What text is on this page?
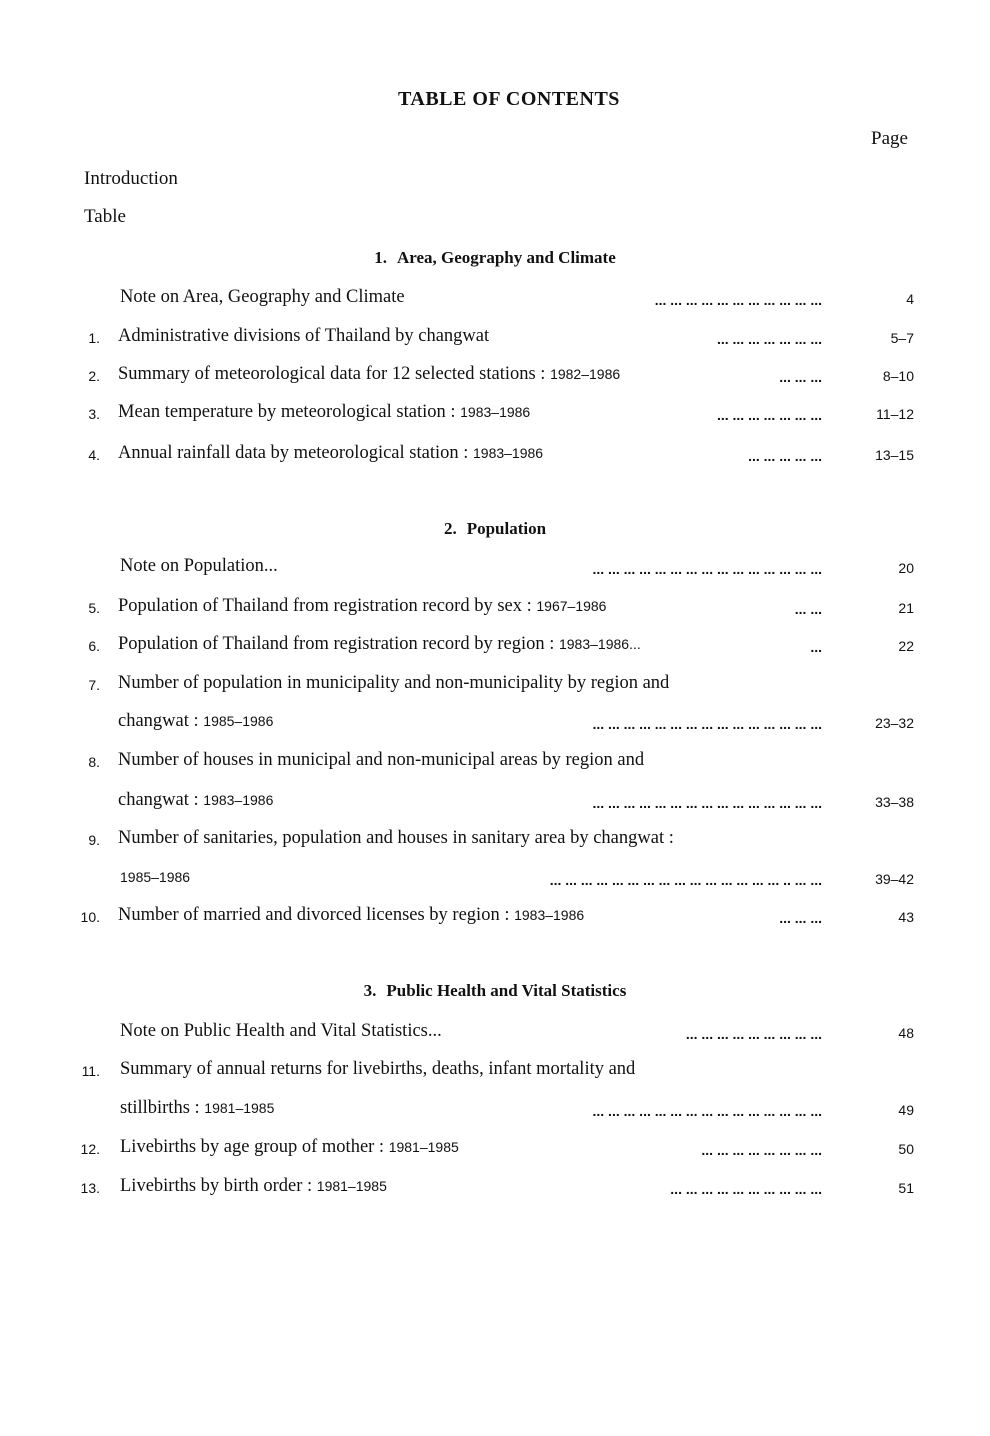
TABLE OF CONTENTS
Page
Introduction
Table
1. Area, Geography and Climate
Note on Area, Geography and Climate	... ... ... ... ... ... ... ... ... ... ...	4
1. Administrative divisions of Thailand by changwat	... ... ... ... ... ... ...	5–7
2. Summary of meteorological data for 12 selected stations : 1982–1986	... ... ...	8–10
3. Mean temperature by meteorological station : 1983–1986	... ... ... ... ... ... ...	11–12
4. Annual rainfall data by meteorological station : 1983–1986	... ... ... ... ...	13–15
2. Population
Note on Population...	... ... ... ... ... ... ... ... ... ... ... ... ... ... ...	20
5. Population of Thailand from registration record by sex : 1967–1986	... ...	21
6. Population of Thailand from registration record by region : 1983–1986...	...	22
7. Number of population in municipality and non-municipality by region and
changwat : 1985–1986	... ... ... ... ... ... ... ... ... ... ... ... ... ... ...	23–32
8. Number of houses in municipal and non-municipal areas by region and
changwat : 1983–1986	... ... ... ... ... ... ... ... ... ... ... ... ... ... ...	33–38
9. Number of sanitaries, population and houses in sanitary area by changwat :
1985–1986	... ... ... ... ... ... ... ... ... ... ... ... ... ... ... .. ... ...	39–42
10. Number of married and divorced licenses by region : 1983–1986	... ... ...	43
3. Public Health and Vital Statistics
Note on Public Health and Vital Statistics...	... ... ... ... ... ... ... ... ...	48
11. Summary of annual returns for livebirths, deaths, infant mortality and
stillbirths : 1981–1985	... ... ... ... ... ... ... ... ... ... ... ... ... ... ...	49
12. Livebirths by age group of mother : 1981–1985	... ... ... ... ... ... ... ...	50
13. Livebirths by birth order : 1981–1985	... ... ... ... ... ... ... ... ... ...	51
